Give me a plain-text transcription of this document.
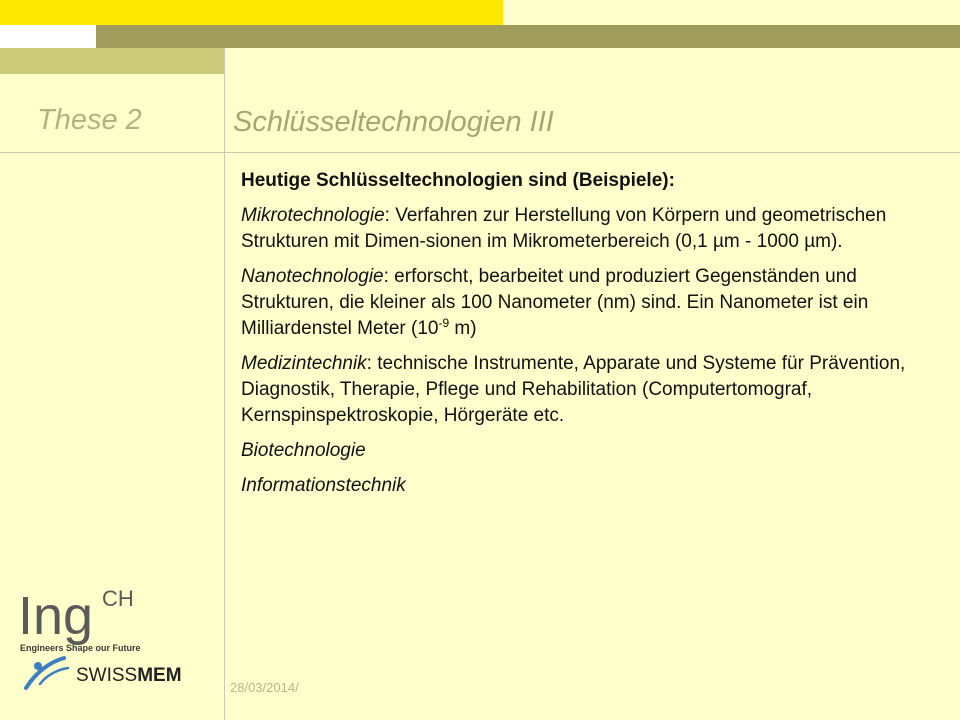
These 2	Schlüsseltechnologien III

Heutige Schlüsseltechnologien sind (Beispiele):

Mikrotechnologie: Verfahren zur Herstellung von Körpern und geometrischen Strukturen mit Dimen-sionen im Mikrometerbereich (0,1 µm - 1000 µm).

Nanotechnologie: erforscht, bearbeitet und produziert Gegenständen und Strukturen, die kleiner als 100 Nanometer (nm) sind. Ein Nanometer ist ein Milliardenstel Meter ($10^{-9}$ m)

Medizintechnik: technische Instrumente, Apparate und Systeme für Prävention, Diagnostik, Therapie, Pflege und Rehabilitation (Computertomograf, Kernspinspektroskopie, Hörgeräte etc.

Biotechnologie

Informationstechnik

Ing CH
Engineers Shape our Future
SWISSMEM
28/03/2014/
